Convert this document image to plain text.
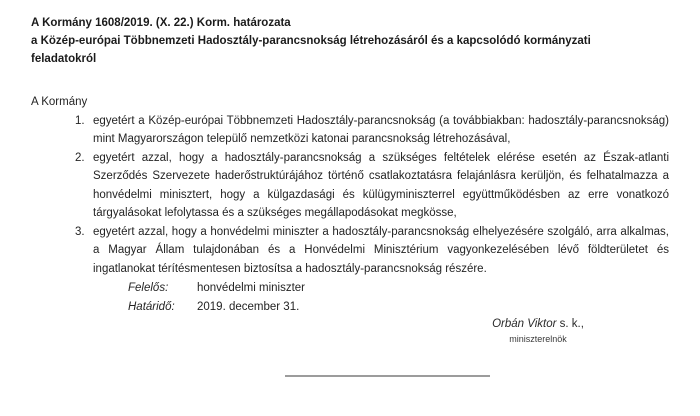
A Kormány 1608/2019. (X. 22.) Korm. határozata
a Közép-európai Többnemzeti Hadosztály-parancsnokság létrehozásáról és a kapcsolódó kormányzati
feladatokról
A Kormány
1. egyetért a Közép-európai Többnemzeti Hadosztály-parancsnokság (a továbbiakban: hadosztály-parancsnokság) mint Magyarországon települő nemzetközi katonai parancsnokság létrehozásával,
2. egyetért azzal, hogy a hadosztály-parancsnokság a szükséges feltételek elérése esetén az Észak-atlanti Szerződés Szervezete haderőstruktúrájához történő csatlakoztatásra felajánlásra kerüljön, és felhatalmazza a honvédelmi minisztert, hogy a külgazdasági és külügyminiszterrel együttműködésben az erre vonatkozó tárgyalásokat lefolytassa és a szükséges megállapodásokat megkösse,
3. egyetért azzal, hogy a honvédelmi miniszter a hadosztály-parancsnokság elhelyezésére szolgáló, arra alkalmas, a Magyar Állam tulajdonában és a Honvédelmi Minisztérium vagyonkezelésében lévő földterületet és ingatlanokat térítésmentesen biztosítsa a hadosztály-parancsnokság részére.
Felelős:	honvédelmi miniszter
Határidő:	2019. december 31.
Orbán Viktor s. k.,
miniszterelnök
